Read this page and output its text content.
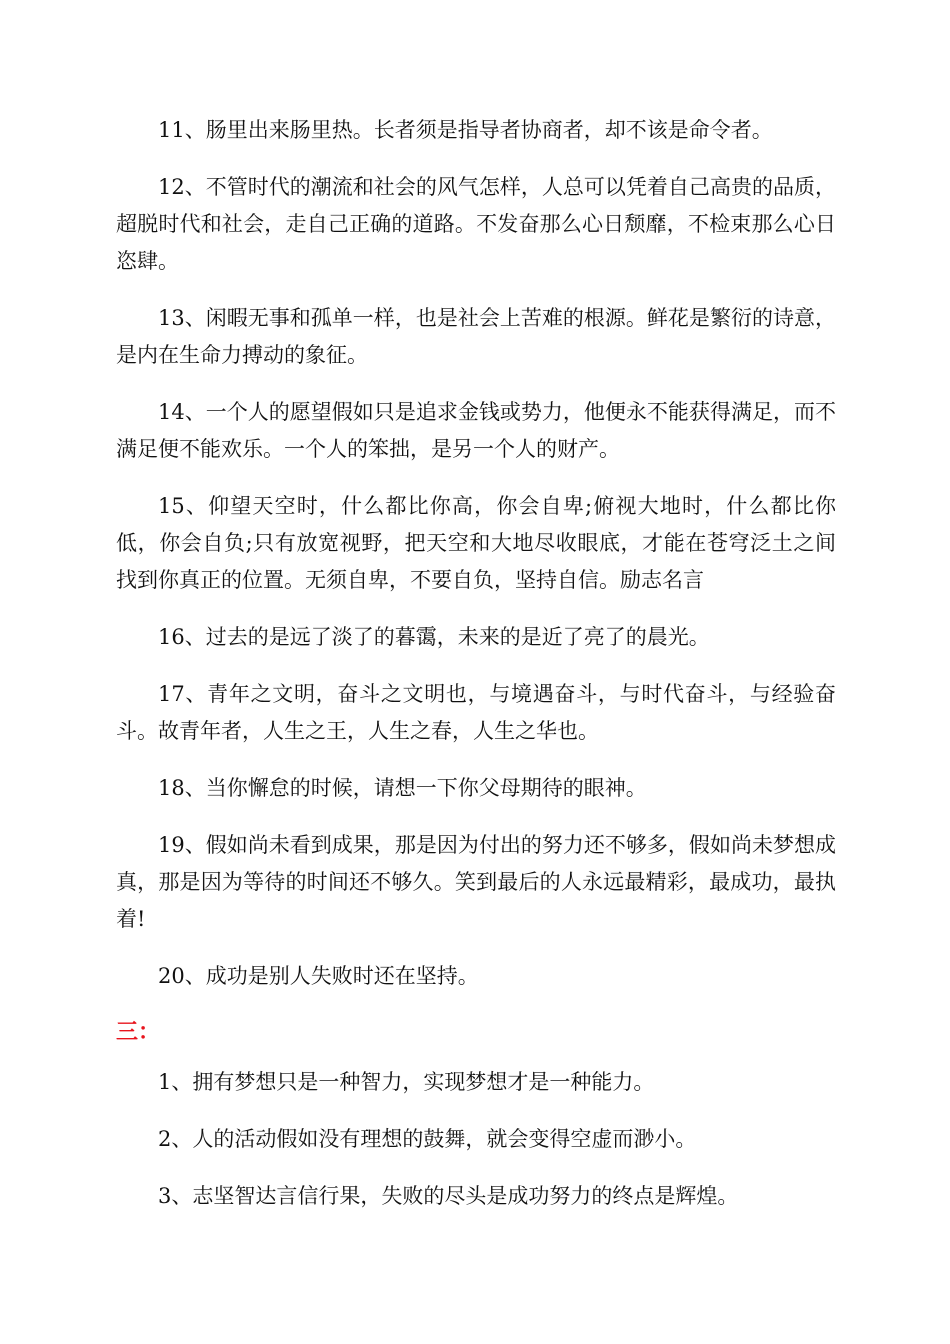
11、肠里出来肠里热。长者须是指导者协商者，却不该是命令者。

12、不管时代的潮流和社会的风气怎样，人总可以凭着自己高贵的品质，超脱时代和社会，走自己正确的道路。不发奋那么心日颓靡，不检束那么心日恣肆。

13、闲暇无事和孤单一样，也是社会上苦难的根源。鲜花是繁衍的诗意，是内在生命力搏动的象征。

14、一个人的愿望假如只是追求金钱或势力，他便永不能获得满足，而不满足便不能欢乐。一个人的笨拙，是另一个人的财产。

15、仰望天空时，什么都比你高，你会自卑;俯视大地时，什么都比你低，你会自负;只有放宽视野，把天空和大地尽收眼底，才能在苍穹泛土之间找到你真正的位置。无须自卑，不要自负，坚持自信。励志名言

16、过去的是远了淡了的暮霭，未来的是近了亮了的晨光。

17、青年之文明，奋斗之文明也，与境遇奋斗，与时代奋斗，与经验奋斗。故青年者，人生之王，人生之春，人生之华也。

18、当你懈怠的时候，请想一下你父母期待的眼神。

19、假如尚未看到成果，那是因为付出的努力还不够多，假如尚未梦想成真，那是因为等待的时间还不够久。笑到最后的人永远最精彩，最成功，最执着!

20、成功是别人失败时还在坚持。

三：

1、拥有梦想只是一种智力，实现梦想才是一种能力。

2、人的活动假如没有理想的鼓舞，就会变得空虚而渺小。

3、志坚智达言信行果，失败的尽头是成功努力的终点是辉煌。
